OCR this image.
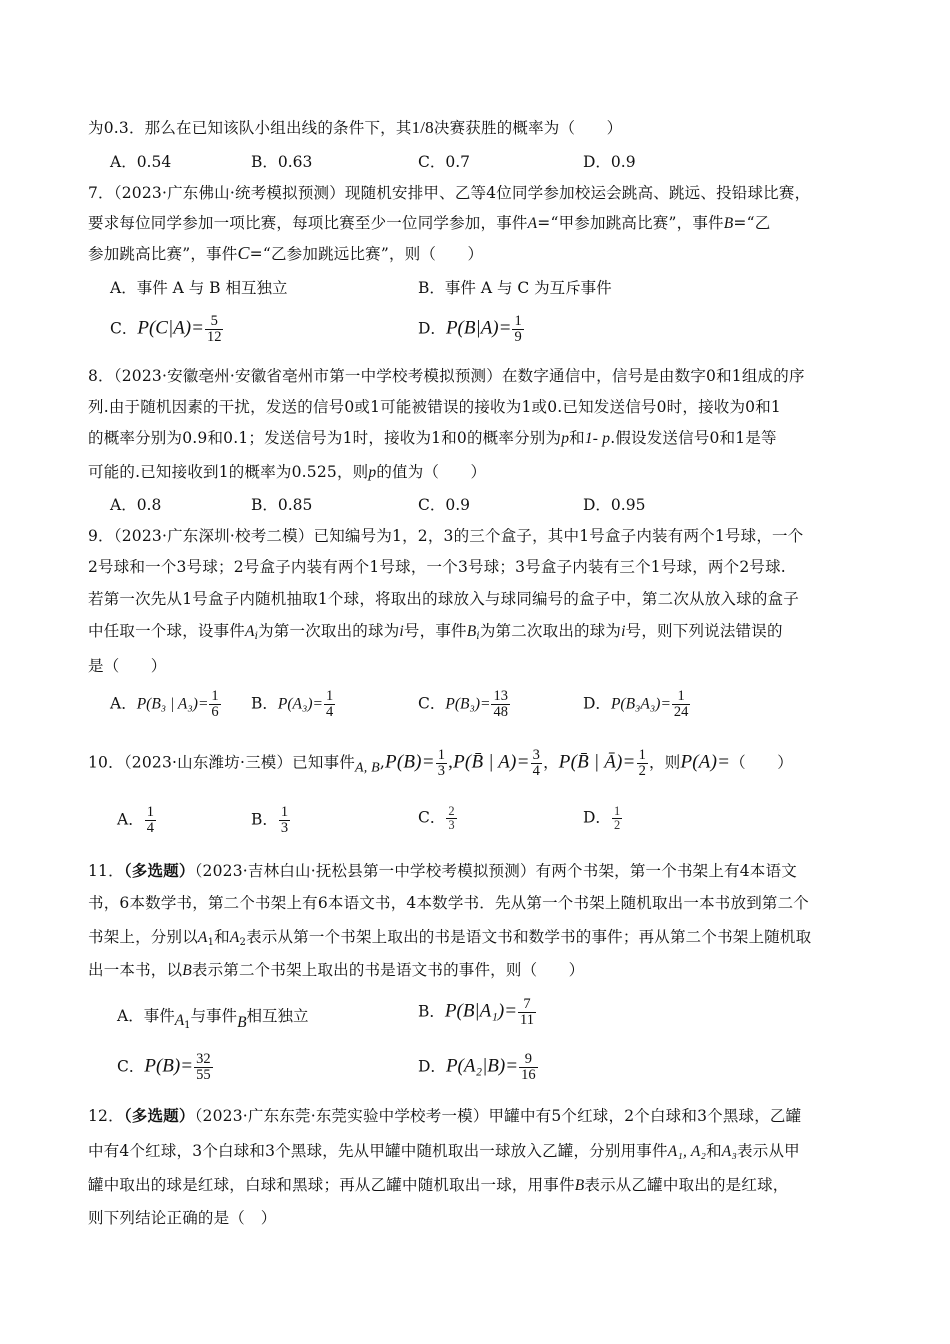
为0.3．那么在已知该队小组出线的条件下，其1/8决赛获胜的概率为（　　）
A．0.54	B．0.63	C．0.7	D．0.9
7．（2023·广东佛山·统考模拟预测）现随机安排甲、乙等4位同学参加校运会跳高、跳远、投铅球比赛，
要求每位同学参加一项比赛，每项比赛至少一位同学参加，事件A=“甲参加跳高比赛”，事件B=“乙
参加跳高比赛”，事件C=“乙参加跳远比赛”，则（　　）
A．事件 A 与 B 相互独立	B．事件 A 与 C 为互斥事件
C．$P(C|A)= \frac{5}{12}$	D．$P(B|A)= \frac{1}{9}$
8．（2023·安徽亳州·安徽省亳州市第一中学校考模拟预测）在数字通信中，信号是由数字0和1组成的序
列.由于随机因素的干扰，发送的信号0或1可能被错误的接收为1或0.已知发送信号0时，接收为0和1
的概率分别为0.9和0.1；发送信号为1时，接收为1和0的概率分别为p和1- p.假设发送信号0和1是等
可能的.已知接收到1的概率为0.525，则p的值为（　　）
A．0.8	B．0.85	C．0.9	D．0.95
9．（2023·广东深圳·校考二模）已知编号为1，2，3的三个盒子，其中1号盒子内装有两个1号球，一个
2号球和一个3号球；2号盒子内装有两个1号球，一个3号球；3号盒子内装有三个1号球，两个2号球.
若第一次先从1号盒子内随机抽取1个球，将取出的球放入与球同编号的盒子中，第二次从放入球的盒子
中任取一个球，设事件$A_i$为第一次取出的球为i号，事件$B_i$为第二次取出的球为i号，则下列说法错误的
是（　　）
A．P(B₃ | $A_3)= \frac{1}{6}$ B．$P(A_3)= \frac{1}{4}$	C．$P(B_3)= \frac{13}{48}$	D．$P(B_3A_3)= \frac{1}{24}$
10．（2023·山东潍坊·三模）已知事件A, $B,P(B)= \frac{1}{3}$ ,P(B̄ | $A)= \frac{3}{4}$ ，P(B̄ | Ā)= $\frac{1}{2}$ ，则P(A)=（　　）
A． $\frac{1}{4}$	B． $\frac{1}{3}$	C． $\frac{2}{3}$	D． $\frac{1}{2}$
11．（多选题）（2023·吉林白山·抚松县第一中学校考模拟预测）有两个书架，第一个书架上有4本语文
书，6本数学书，第二个书架上有6本语文书，4本数学书．先从第一个书架上随机取出一本书放到第二个
书架上，分别以A1和A2表示从第一个书架上取出的书是语文书和数学书的事件；再从第二个书架上随机取
出一本书，以B表示第二个书架上取出的书是语文书的事件，则（　　）
A．事件$A_1$与事件B相互独立	B．$P(B|A_1)= \frac{7}{11}$
C．$P(B)= \frac{32}{55}$	D．$P(A_2|B)= \frac{9}{16}$
12．（多选题）（2023·广东东莞·东莞实验中学校考一模）甲罐中有5个红球，2个白球和3个黑球，乙罐
中有4个红球，3个白球和3个黑球，先从甲罐中随机取出一球放入乙罐，分别用事件A₁, A₂和A₃表示从甲
罐中取出的球是红球，白球和黑球；再从乙罐中随机取出一球，用事件B表示从乙罐中取出的是红球，
则下列结论正确的是（　）
